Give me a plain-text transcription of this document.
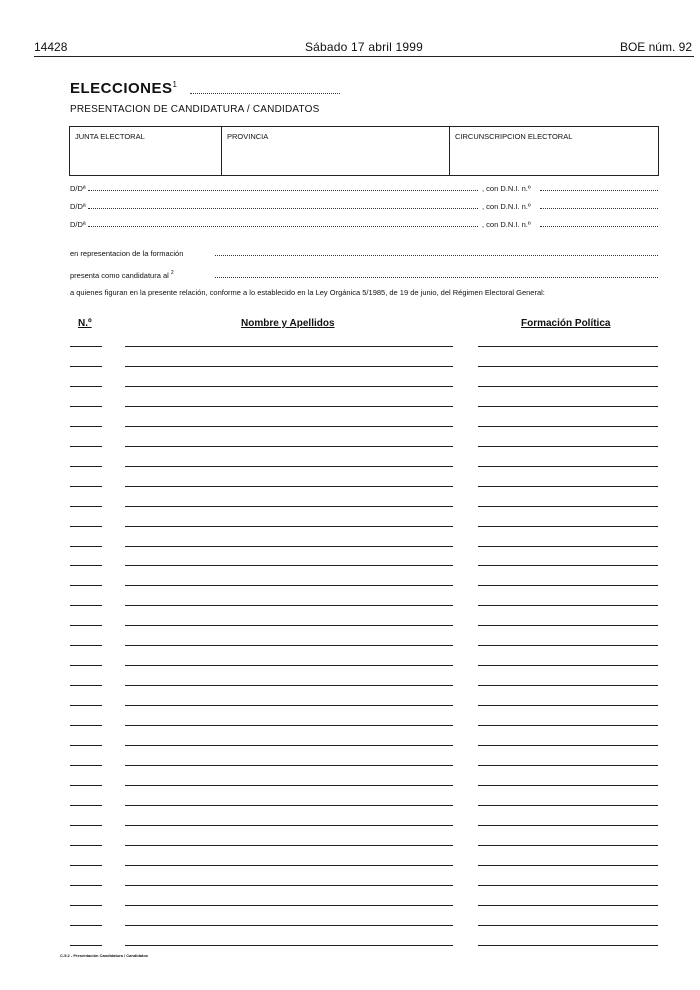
14428	Sábado 17 abril 1999	BOE núm. 92
ELECCIONES$^1$
PRESENTACION DE CANDIDATURA / CANDIDATOS
JUNTA ELECTORAL	PROVINCIA	CIRCUNSCRIPCION ELECTORAL
D/Dª	, con D.N.I. n.º
D/Dª	, con D.N.I. n.º
D/Dª	, con D.N.I. n.º
en representacion de la formación
presenta como candidatura al $^2$
a quienes figuran en la presente relación, conforme a lo establecido en la Ley Orgánica 5/1985, de 19 de junio, del Régimen Electoral General:
N.º	Nombre y Apellidos	Formación Política
C-5.2 - Presentación Candidatura / Candidatos
